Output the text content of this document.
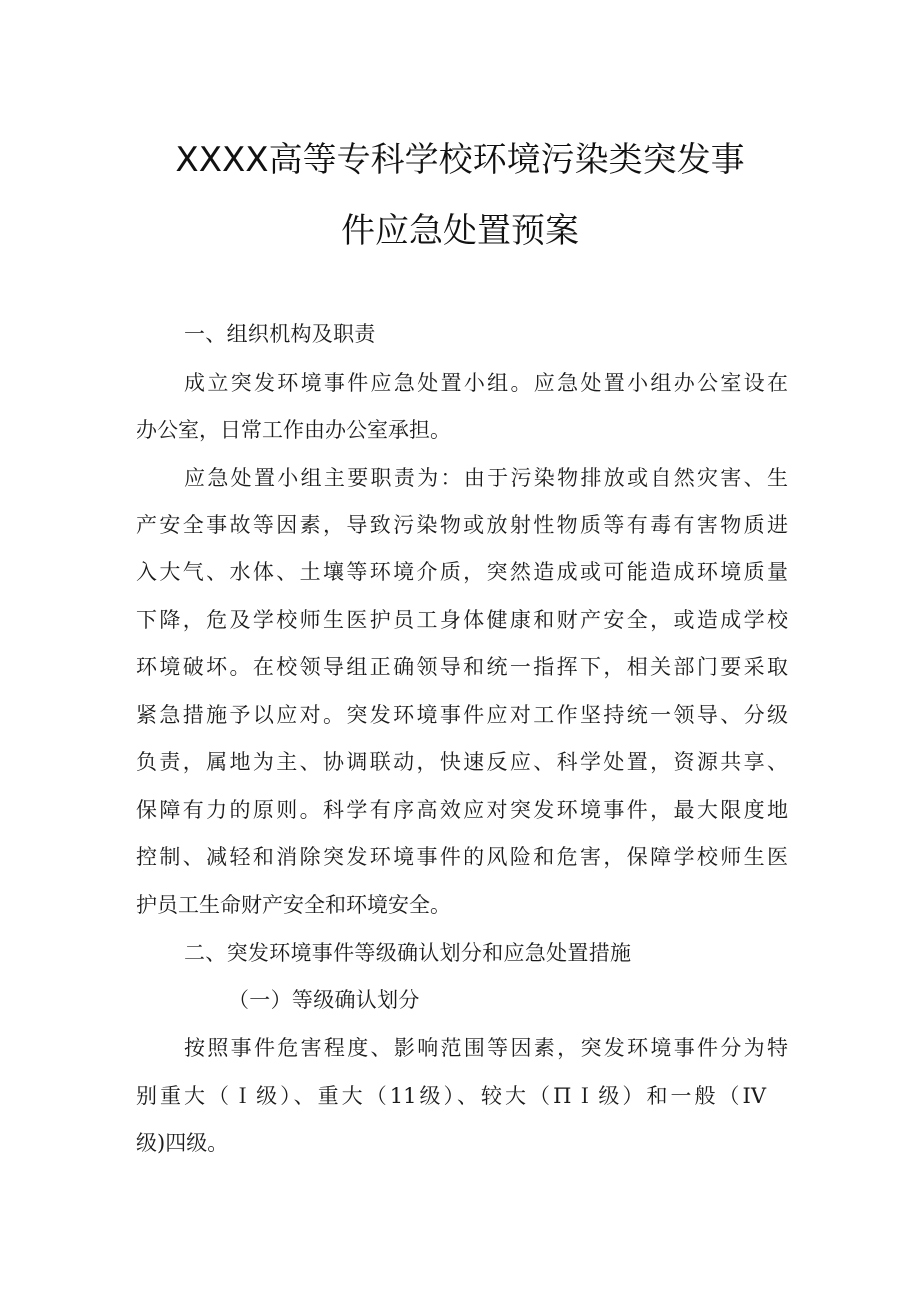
XXXX高等专科学校环境污染类突发事
件应急处置预案
一、组织机构及职责
成立突发环境事件应急处置小组。应急处置小组办公室设在
办公室，日常工作由办公室承担。
应急处置小组主要职责为：由于污染物排放或自然灾害、生
产安全事故等因素，导致污染物或放射性物质等有毒有害物质进
入大气、水体、土壤等环境介质，突然造成或可能造成环境质量
下降，危及学校师生医护员工身体健康和财产安全，或造成学校
环境破坏。在校领导组正确领导和统一指挥下，相关部门要采取
紧急措施予以应对。突发环境事件应对工作坚持统一领导、分级
负责，属地为主、协调联动，快速反应、科学处置，资源共享、
保障有力的原则。科学有序高效应对突发环境事件，最大限度地
控制、减轻和消除突发环境事件的风险和危害，保障学校师生医
护员工生命财产安全和环境安全。
二、突发环境事件等级确认划分和应急处置措施
（一）等级确认划分
按照事件危害程度、影响范围等因素，突发环境事件分为特
别重大（Ｉ级）、重大（11级）、较大（ΠＩ级）和一般（IV
级)四级。
